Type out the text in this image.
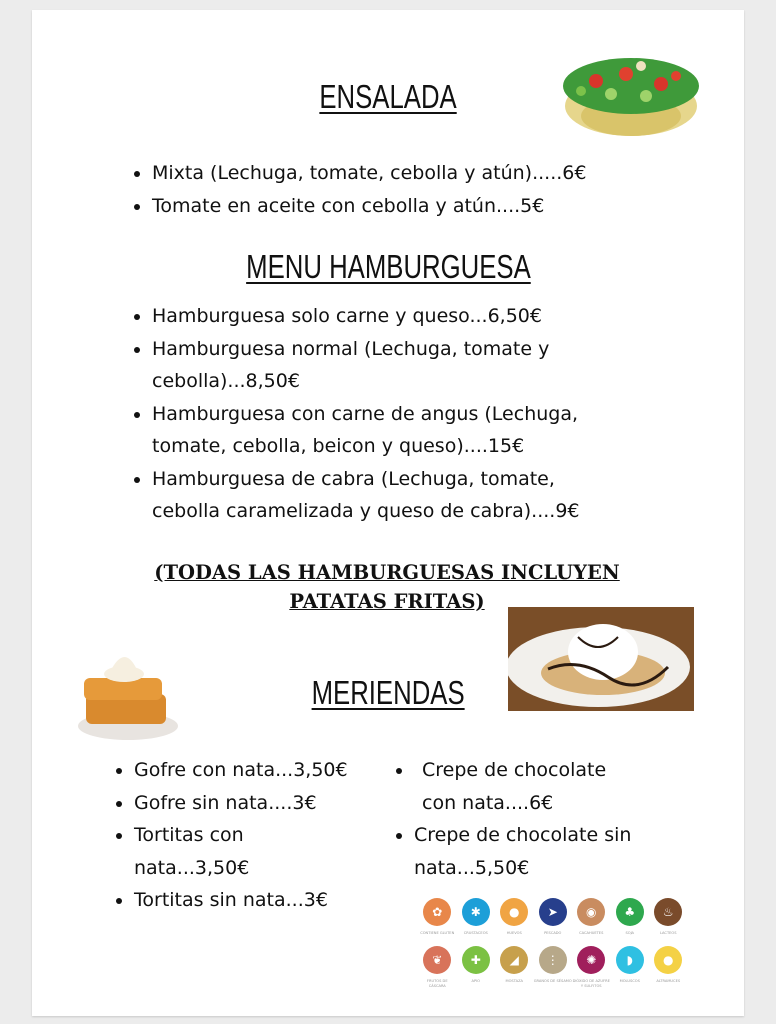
ENSALADA
Mixta (Lechuga, tomate, cebolla y atún).....6€
Tomate en aceite con cebolla y atún....5€
MENU HAMBURGUESA
Hamburguesa solo carne y queso...6,50€
Hamburguesa normal (Lechuga, tomate y cebolla)...8,50€
Hamburguesa con carne de angus (Lechuga, tomate, cebolla, beicon y queso)....15€
Hamburguesa de cabra (Lechuga, tomate, cebolla caramelizada y queso de cabra)....9€
(TODAS LAS HAMBURGUESAS INCLUYEN PATATAS FRITAS)
MERIENDAS
Gofre con nata...3,50€
Gofre sin nata....3€
Tortitas con nata...3,50€
Tortitas sin nata...3€
Crepe de chocolate con nata....6€
Crepe de chocolate sin nata...5,50€
✿
CONTIENE GLUTEN
✱
CRUSTACEOS
●
HUEVOS
➤
PESCADO
◉
CACAHUETES
♣
SOJA
♨
LACTEOS
❦
FRUTOS DE CÁSCARA
✚
APIO
◢
MOSTAZA
⋮
GRANOS DE SÉSAMO
✺
DIÓXIDO DE AZUFRE Y SULFITOS
◗
MOLUSCOS
●
ALTRAMUCES
